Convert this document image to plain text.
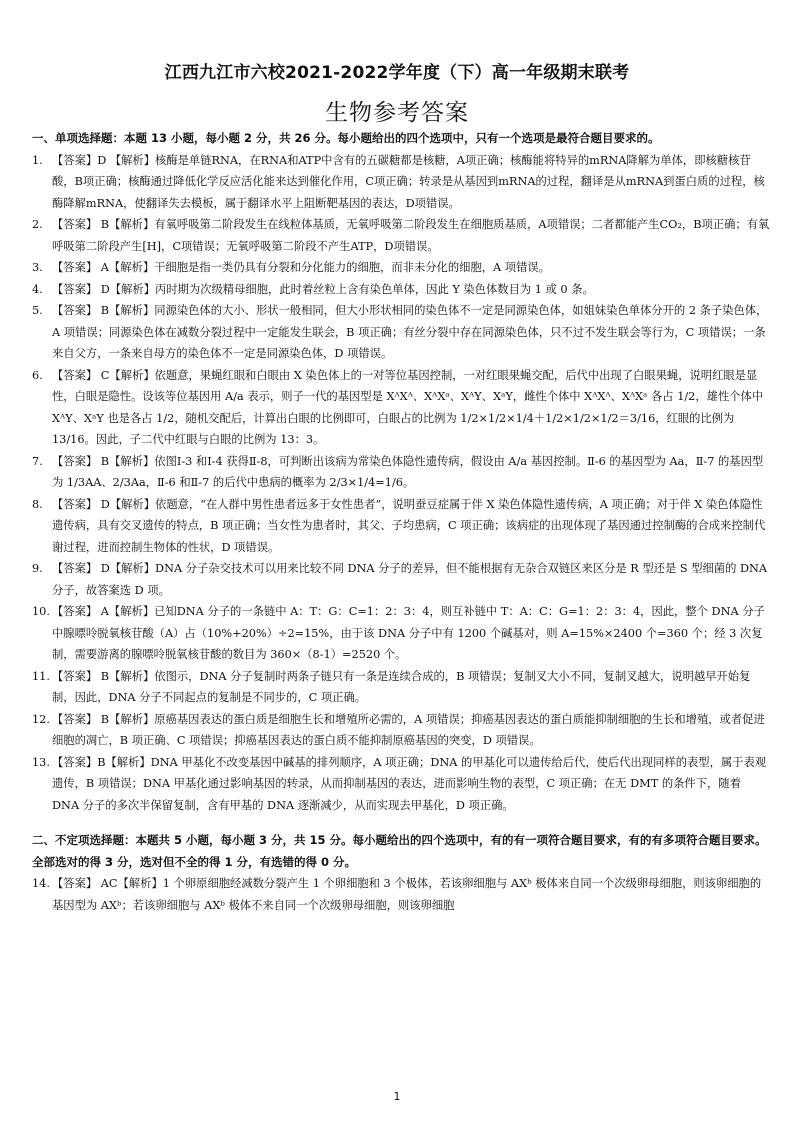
江西九江市六校2021-2022学年度（下）高一年级期末联考
生物参考答案

一、单项选择题：本题 13 小题，每小题 2 分，共 26 分。每小题给出的四个选项中，只有一个选项是最符合题目要求的。

1. 【答案】D 【解析】核酶是单链RNA，在RNA和ATP中含有的五碳糖都是核糖，A项正确；核酶能将特异的mRNA降解为单体，即核糖核苷酸，B项正确；核酶通过降低化学反应活化能来达到催化作用，C项正确；转录是从基因到mRNA的过程，翻译是从mRNA到蛋白质的过程，核酶降解mRNA，使翻译失去模板，属于翻译水平上阻断靶基因的表达，D项错误。
2. 【答案】 B【解析】有氧呼吸第二阶段发生在线粒体基质，无氧呼吸第二阶段发生在细胞质基质，A项错误；二者都能产生CO₂，B项正确；有氧呼吸第二阶段产生[H]，C项错误；无氧呼吸第二阶段不产生ATP，D项错误。
3. 【答案】 A【解析】干细胞是指一类仍具有分裂和分化能力的细胞，而非未分化的细胞，A 项错误。
4. 【答案】 D【解析】丙时期为次级精母细胞，此时着丝粒上含有染色单体，因此 Y 染色体数目为 1 或 0 条。
5. 【答案】 B【解析】同源染色体的大小、形状一般相同，但大小形状相同的染色体不一定是同源染色体，如姐妹染色单体分开的 2 条子染色体，A 项错误；同源染色体在减数分裂过程中一定能发生联会，B 项正确；有丝分裂中存在同源染色体，只不过不发生联会等行为，C 项错误；一条来自父方，一条来自母方的染色体不一定是同源染色体，D 项错误。
6. 【答案】 C【解析】依题意，果蝇红眼和白眼由 X 染色体上的一对等位基因控制，一对红眼果蝇交配，后代中出现了白眼果蝇，说明红眼是显性，白眼是隐性。设该等位基因用 A/a 表示，则子一代的基因型是 XᴬXᴬ、XᴬXᵃ、XᴬY、XᵃY，雌性个体中 XᴬXᴬ、XᴬXᵃ 各占 1/2，雄性个体中 XᴬY、XᵃY 也是各占 1/2，随机交配后，计算出白眼的比例即可，白眼占的比例为 1/2×1/2×1/4＋1/2×1/2×1/2＝3/16，红眼的比例为 13/16。因此，子二代中红眼与白眼的比例为 13：3。
7. 【答案】 B【解析】依图Ⅰ-3 和Ⅰ-4 获得Ⅱ-8，可判断出该病为常染色体隐性遗传病，假设由 A/a 基因控制。Ⅱ-6 的基因型为 Aa，Ⅱ-7 的基因型为 1/3AA、2/3Aa，Ⅱ-6 和Ⅱ-7 的后代中患病的概率为 2/3×1/4=1/6。
8. 【答案】 D【解析】依题意，“在人群中男性患者远多于女性患者”，说明蚕豆症属于伴 X 染色体隐性遗传病，A 项正确；对于伴 X 染色体隐性遗传病，具有交叉遗传的特点，B 项正确；当女性为患者时，其父、子均患病，C 项正确；该病症的出现体现了基因通过控制酶的合成来控制代谢过程，进而控制生物体的性状，D 项错误。
9. 【答案】 D【解析】DNA 分子杂交技术可以用来比较不同 DNA 分子的差异，但不能根据有无杂合双链区来区分是 R 型还是 S 型细菌的 DNA 分子，故答案选 D 项。
10. 【答案】 A【解析】已知DNA 分子的一条链中 A：T：G：C=1：2：3：4，则互补链中 T：A：C：G=1：2：3：4，因此，整个 DNA 分子中腺嘌呤脱氧核苷酸（A）占（10%+20%）÷2=15%，由于该 DNA 分子中有 1200 个碱基对，则 A=15%×2400 个=360 个；经 3 次复制，需要游离的腺嘌呤脱氧核苷酸的数目为 360×（8-1）=2520 个。
11. 【答案】 B【解析】依图示，DNA 分子复制时两条子链只有一条是连续合成的，B 项错误；复制叉大小不同，复制叉越大，说明越早开始复制，因此，DNA 分子不同起点的复制是不同步的，C 项正确。
12. 【答案】 B【解析】原癌基因表达的蛋白质是细胞生长和增殖所必需的，A 项错误；抑癌基因表达的蛋白质能抑制细胞的生长和增殖，或者促进细胞的凋亡，B 项正确、C 项错误；抑癌基因表达的蛋白质不能抑制原癌基因的突变，D 项错误。
13. 【答案】B【解析】DNA 甲基化不改变基因中碱基的排列顺序，A 项正确；DNA 的甲基化可以遗传给后代，使后代出现同样的表型，属于表观遗传，B 项错误；DNA 甲基化通过影响基因的转录，从而抑制基因的表达，进而影响生物的表型，C 项正确；在无 DMT 的条件下，随着 DNA 分子的多次半保留复制，含有甲基的 DNA 逐渐减少，从而实现去甲基化，D 项正确。

二、不定项选择题：本题共 5 小题，每小题 3 分，共 15 分。每小题给出的四个选项中，有的有一项符合题目要求，有的有多项符合题目要求。全部选对的得 3 分，选对但不全的得 1 分，有选错的得 0 分。

14. 【答案】 AC【解析】1 个卵原细胞经减数分裂产生 1 个卵细胞和 3 个极体，若该卵细胞与 AXᵇ 极体来自同一个次级卵母细胞，则该卵细胞的基因型为 AXᵇ；若该卵细胞与 AXᵇ 极体不来自同一个次级卵母细胞，则该卵细胞
1
